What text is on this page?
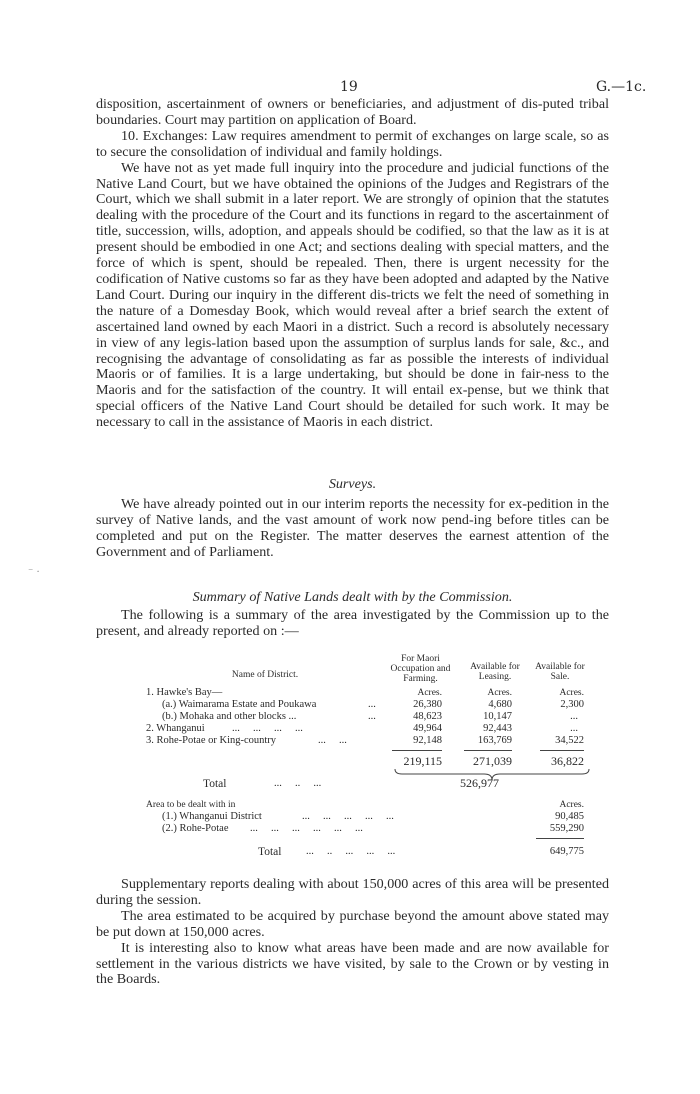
19	G.—1c.

disposition, ascertainment of owners or beneficiaries, and adjustment of dis-puted tribal boundaries. Court may partition on application of Board.

10. Exchanges: Law requires amendment to permit of exchanges on large scale, so as to secure the consolidation of individual and family holdings.

We have not as yet made full inquiry into the procedure and judicial functions of the Native Land Court, but we have obtained the opinions of the Judges and Registrars of the Court, which we shall submit in a later report. We are strongly of opinion that the statutes dealing with the procedure of the Court and its functions in regard to the ascertainment of title, succession, wills, adoption, and appeals should be codified, so that the law as it is at present should be embodied in one Act; and sections dealing with special matters, and the force of which is spent, should be repealed. Then, there is urgent necessity for the codification of Native customs so far as they have been adopted and adapted by the Native Land Court. During our inquiry in the different dis-tricts we felt the need of something in the nature of a Domesday Book, which would reveal after a brief search the extent of ascertained land owned by each Maori in a district. Such a record is absolutely necessary in view of any legis-lation based upon the assumption of surplus lands for sale, &c., and recognising the advantage of consolidating as far as possible the interests of individual Maoris or of families. It is a large undertaking, but should be done in fair-ness to the Maoris and for the satisfaction of the country. It will entail ex-pense, but we think that special officers of the Native Land Court should be detailed for such work. It may be necessary to call in the assistance of Maoris in each district.

Surveys.

We have already pointed out in our interim reports the necessity for ex-pedition in the survey of Native lands, and the vast amount of work now pend-ing before titles can be completed and put on the Register. The matter deserves the earnest attention of the Government and of Parliament.

⁻ ·
Summary of Native Lands dealt with by the Commission.

The following is a summary of the area investigated by the Commission up to the present, and already reported on :—

Name of District.
For Maori Occupation and Farming.
Available for Leasing.
Available for Sale.
Acres.	Acres.	Acres.
1. Hawke's Bay—
(a.) Waimarama Estate and Poukawa	...	26,380	4,680	2,300
(b.) Mohaka and other blocks ...	...	48,623	10,147	...
2. Whanganui	...     ...     ...     ...	49,964	92,443	...
3. Rohe-Potae or King-country	...     ...	92,148	163,769	34,522
219,115	271,039	36,822
Total	...     ..     ...	526,977
Area to be dealt with in	Acres.
(1.) Whanganui District	...     ...     ...     ...     ...	90,485
(2.) Rohe-Potae ...     ...     ...     ...     ...     ...	559,290
Total ...     ..     ...     ...     ...	649,775

Supplementary reports dealing with about 150,000 acres of this area will be presented during the session.

The area estimated to be acquired by purchase beyond the amount above stated may be put down at 150,000 acres.

It is interesting also to know what areas have been made and are now available for settlement in the various districts we have visited, by sale to the Crown or by vesting in the Boards.
